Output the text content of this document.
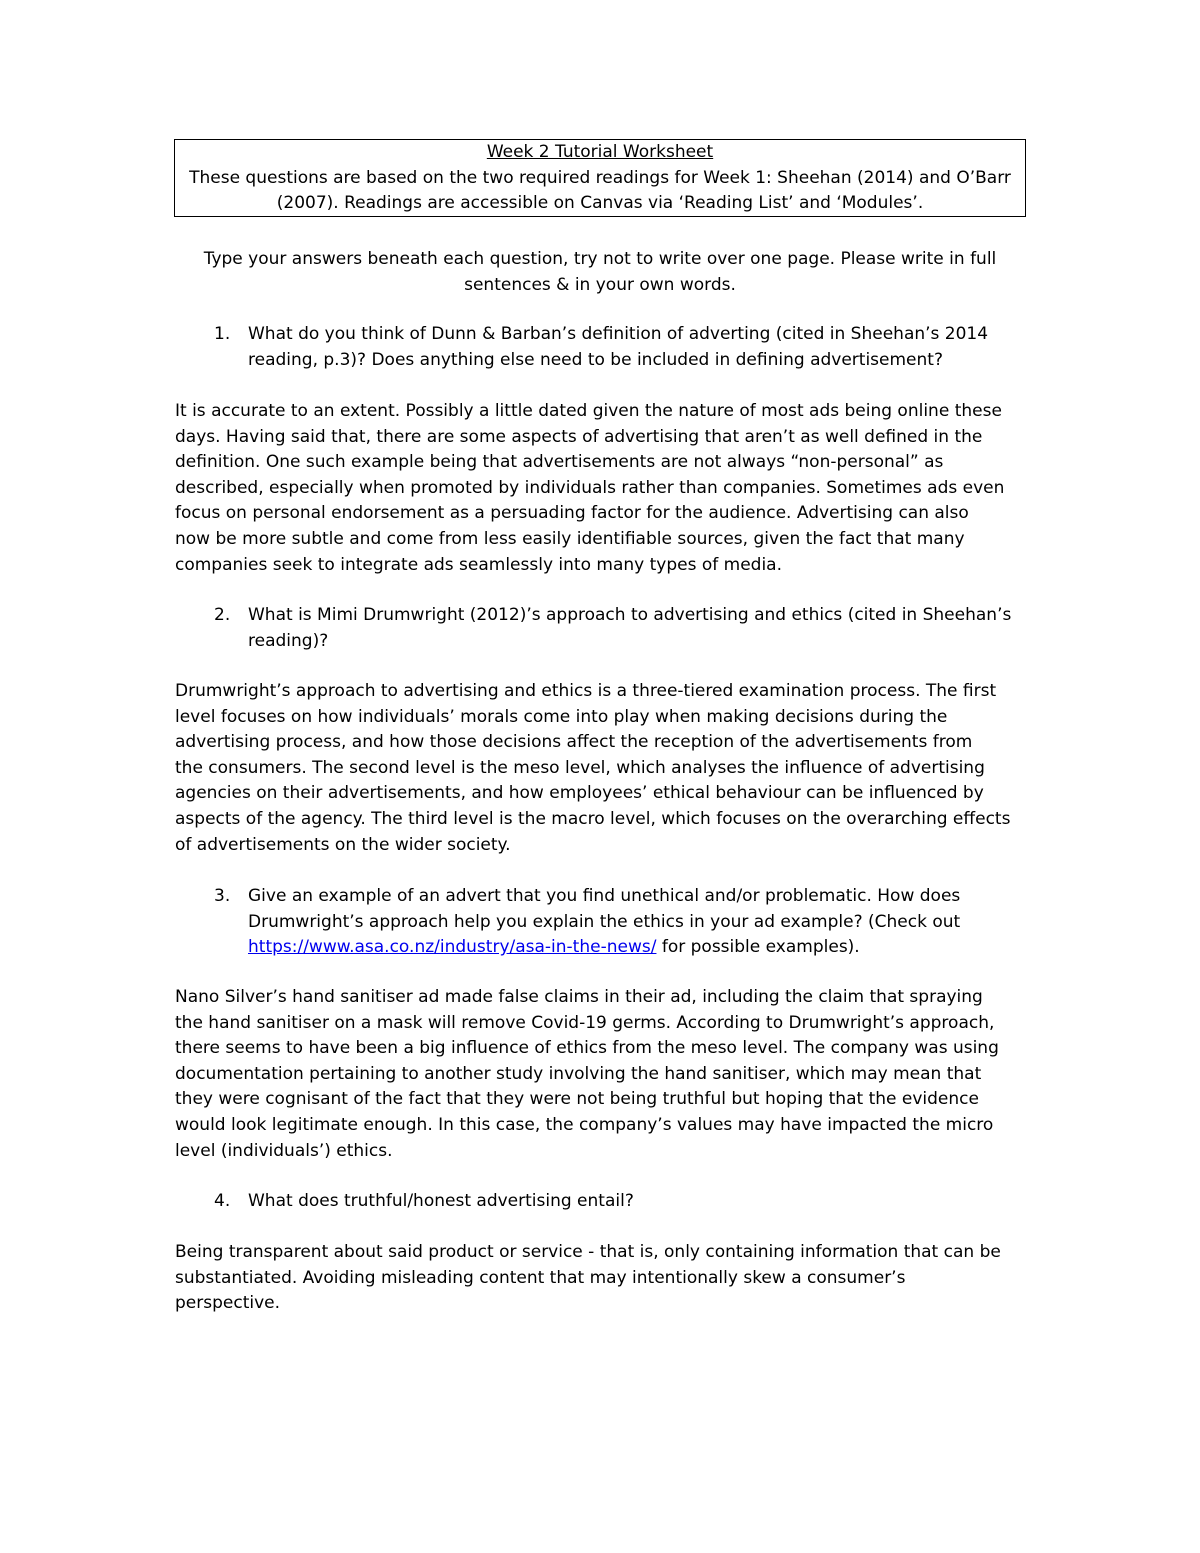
Week 2 Tutorial Worksheet
These questions are based on the two required readings for Week 1: Sheehan (2014) and O’Barr
(2007). Readings are accessible on Canvas via ‘Reading List’ and ‘Modules’.
Type your answers beneath each question, try not to write over one page. Please write in full
sentences & in your own words.
1. What do you think of Dunn & Barban’s definition of adverting (cited in Sheehan’s 2014
reading, p.3)? Does anything else need to be included in defining advertisement?
It is accurate to an extent. Possibly a little dated given the nature of most ads being online these
days. Having said that, there are some aspects of advertising that aren’t as well defined in the
definition. One such example being that advertisements are not always “non-personal” as
described, especially when promoted by individuals rather than companies. Sometimes ads even
focus on personal endorsement as a persuading factor for the audience. Advertising can also
now be more subtle and come from less easily identifiable sources, given the fact that many
companies seek to integrate ads seamlessly into many types of media.
2. What is Mimi Drumwright (2012)’s approach to advertising and ethics (cited in Sheehan’s
reading)?
Drumwright’s approach to advertising and ethics is a three-tiered examination process. The first
level focuses on how individuals’ morals come into play when making decisions during the
advertising process, and how those decisions affect the reception of the advertisements from
the consumers. The second level is the meso level, which analyses the influence of advertising
agencies on their advertisements, and how employees’ ethical behaviour can be influenced by
aspects of the agency. The third level is the macro level, which focuses on the overarching effects
of advertisements on the wider society.
3. Give an example of an advert that you find unethical and/or problematic. How does
Drumwright’s approach help you explain the ethics in your ad example? (Check out
https://www.asa.co.nz/industry/asa-in-the-news/ for possible examples).
Nano Silver’s hand sanitiser ad made false claims in their ad, including the claim that spraying
the hand sanitiser on a mask will remove Covid-19 germs. According to Drumwright’s approach,
there seems to have been a big influence of ethics from the meso level. The company was using
documentation pertaining to another study involving the hand sanitiser, which may mean that
they were cognisant of the fact that they were not being truthful but hoping that the evidence
would look legitimate enough. In this case, the company’s values may have impacted the micro
level (individuals’) ethics.
4. What does truthful/honest advertising entail?
Being transparent about said product or service - that is, only containing information that can be
substantiated. Avoiding misleading content that may intentionally skew a consumer’s
perspective.
